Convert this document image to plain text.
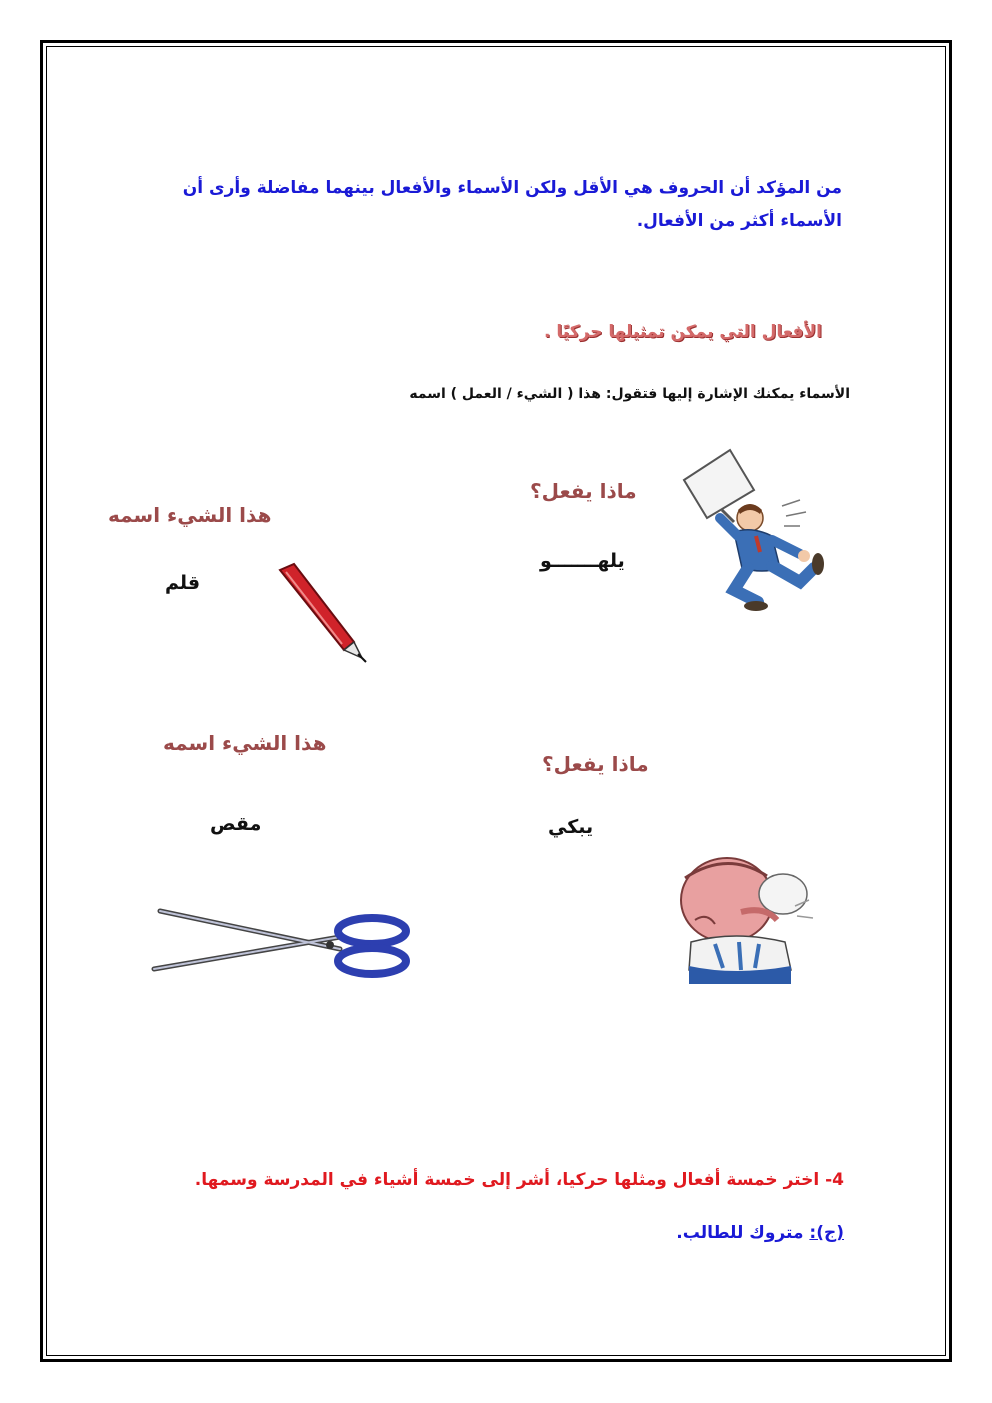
من المؤكد أن الحروف هي الأقل ولكن الأسماء والأفعال بينهما مفاضلة وأرى أن الأسماء أكثر من الأفعال.
الأفعال التي يمكن تمثيلها حركيًا .
الأسماء يمكنك الإشارة إليها فتقول: هذا ( الشيء / العمل ) اسمه
ماذا يفعل؟
هذا الشيء اسمه
هذا الشيء اسمه
ماذا يفعل؟
يلهـــــــو
قلم
مقص	يبكي
4- اختر خمسة أفعال ومثلها حركيا، أشر إلى خمسة أشياء في المدرسة وسمها.
(ج): متروك للطالب.
